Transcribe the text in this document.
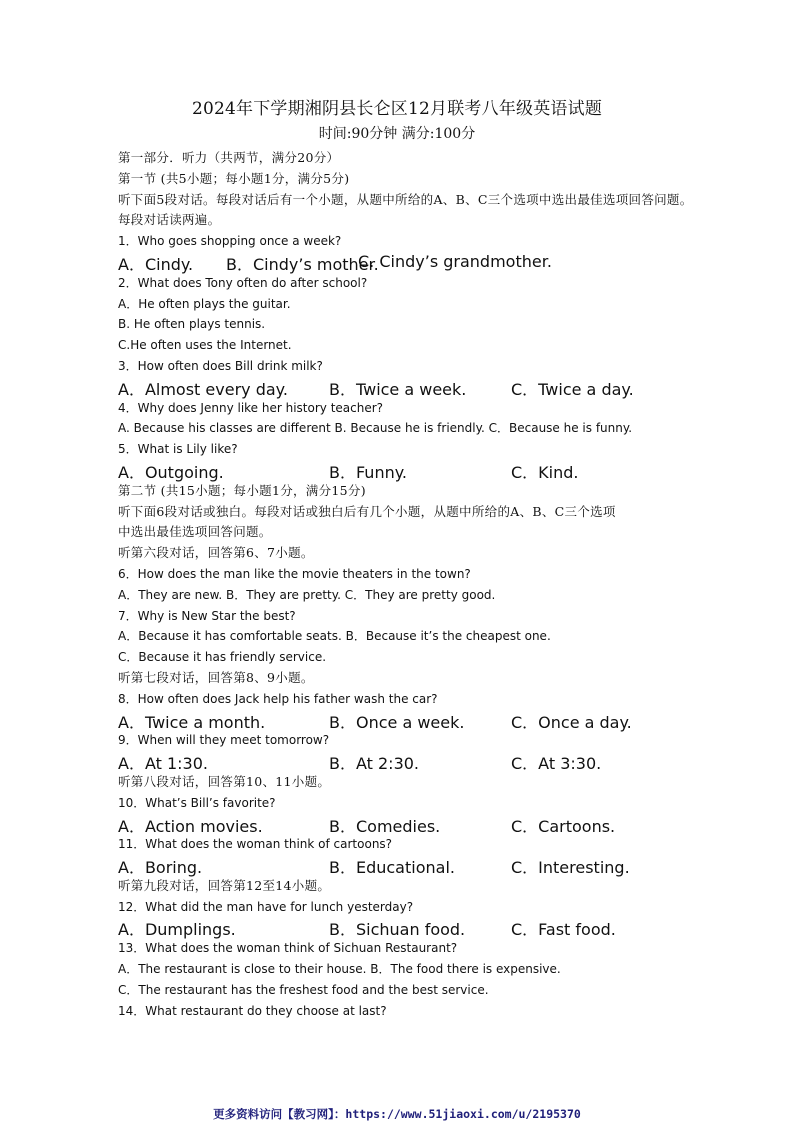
2024年下学期湘阴县长仑区12月联考八年级英语试题
时间:90分钟 满分:100分
第一部分．听力（共两节，满分20分）
第一节 (共5小题；每小题1分，满分5分)
听下面5段对话。每段对话后有一个小题，从题中所给的A、B、C三个选项中选出最佳选项回答问题。
每段对话读两遍。
1．Who goes shopping once a week?
A．Cindy. B．Cindy’s mother.
C. Cindy’s grandmother.
2．What does Tony often do after school?
A．He often plays the guitar.
B. He often plays tennis.
C.He often uses the Internet.
3．How often does Bill drink milk?
A．Almost every day.	B．Twice a week.	C．Twice a day.
4．Why does Jenny like her history teacher?
A. Because his classes are different B. Because he is friendly. C．Because he is funny.
5．What is Lily like?
A．Outgoing.	B．Funny.	C．Kind.
第二节 (共15小题；每小题1分，满分15分)
听下面6段对话或独白。每段对话或独白后有几个小题，从题中所给的A、B、C三个选项
中选出最佳选项回答问题。
听第六段对话，回答第6、7小题。
6．How does the man like the movie theaters in the town?
A．They are new. B．They are pretty. C．They are pretty good.
7．Why is New Star the best?
A．Because it has comfortable seats. B．Because it’s the cheapest one.
C．Because it has friendly service.
听第七段对话，回答第8、9小题。
8．How often does Jack help his father wash the car?
A．Twice a month.	B．Once a week.	C．Once a day.
9．When will they meet tomorrow?
A．At 1:30.	B．At 2:30.	C．At 3:30.
听第八段对话，回答第10、11小题。
10．What’s Bill’s favorite?
A．Action movies.	B．Comedies.	C．Cartoons.
11．What does the woman think of cartoons?
A．Boring.	B．Educational.	C．Interesting.
听第九段对话，回答第12至14小题。
12．What did the man have for lunch yesterday?
A．Dumplings.	B．Sichuan food.	C．Fast food.
13．What does the woman think of Sichuan Restaurant?
A．The restaurant is close to their house. B．The food there is expensive.
C．The restaurant has the freshest food and the best service.
14．What restaurant do they choose at last?
更多资料访问【教习网】：https://www.51jiaoxi.com/u/2195370
